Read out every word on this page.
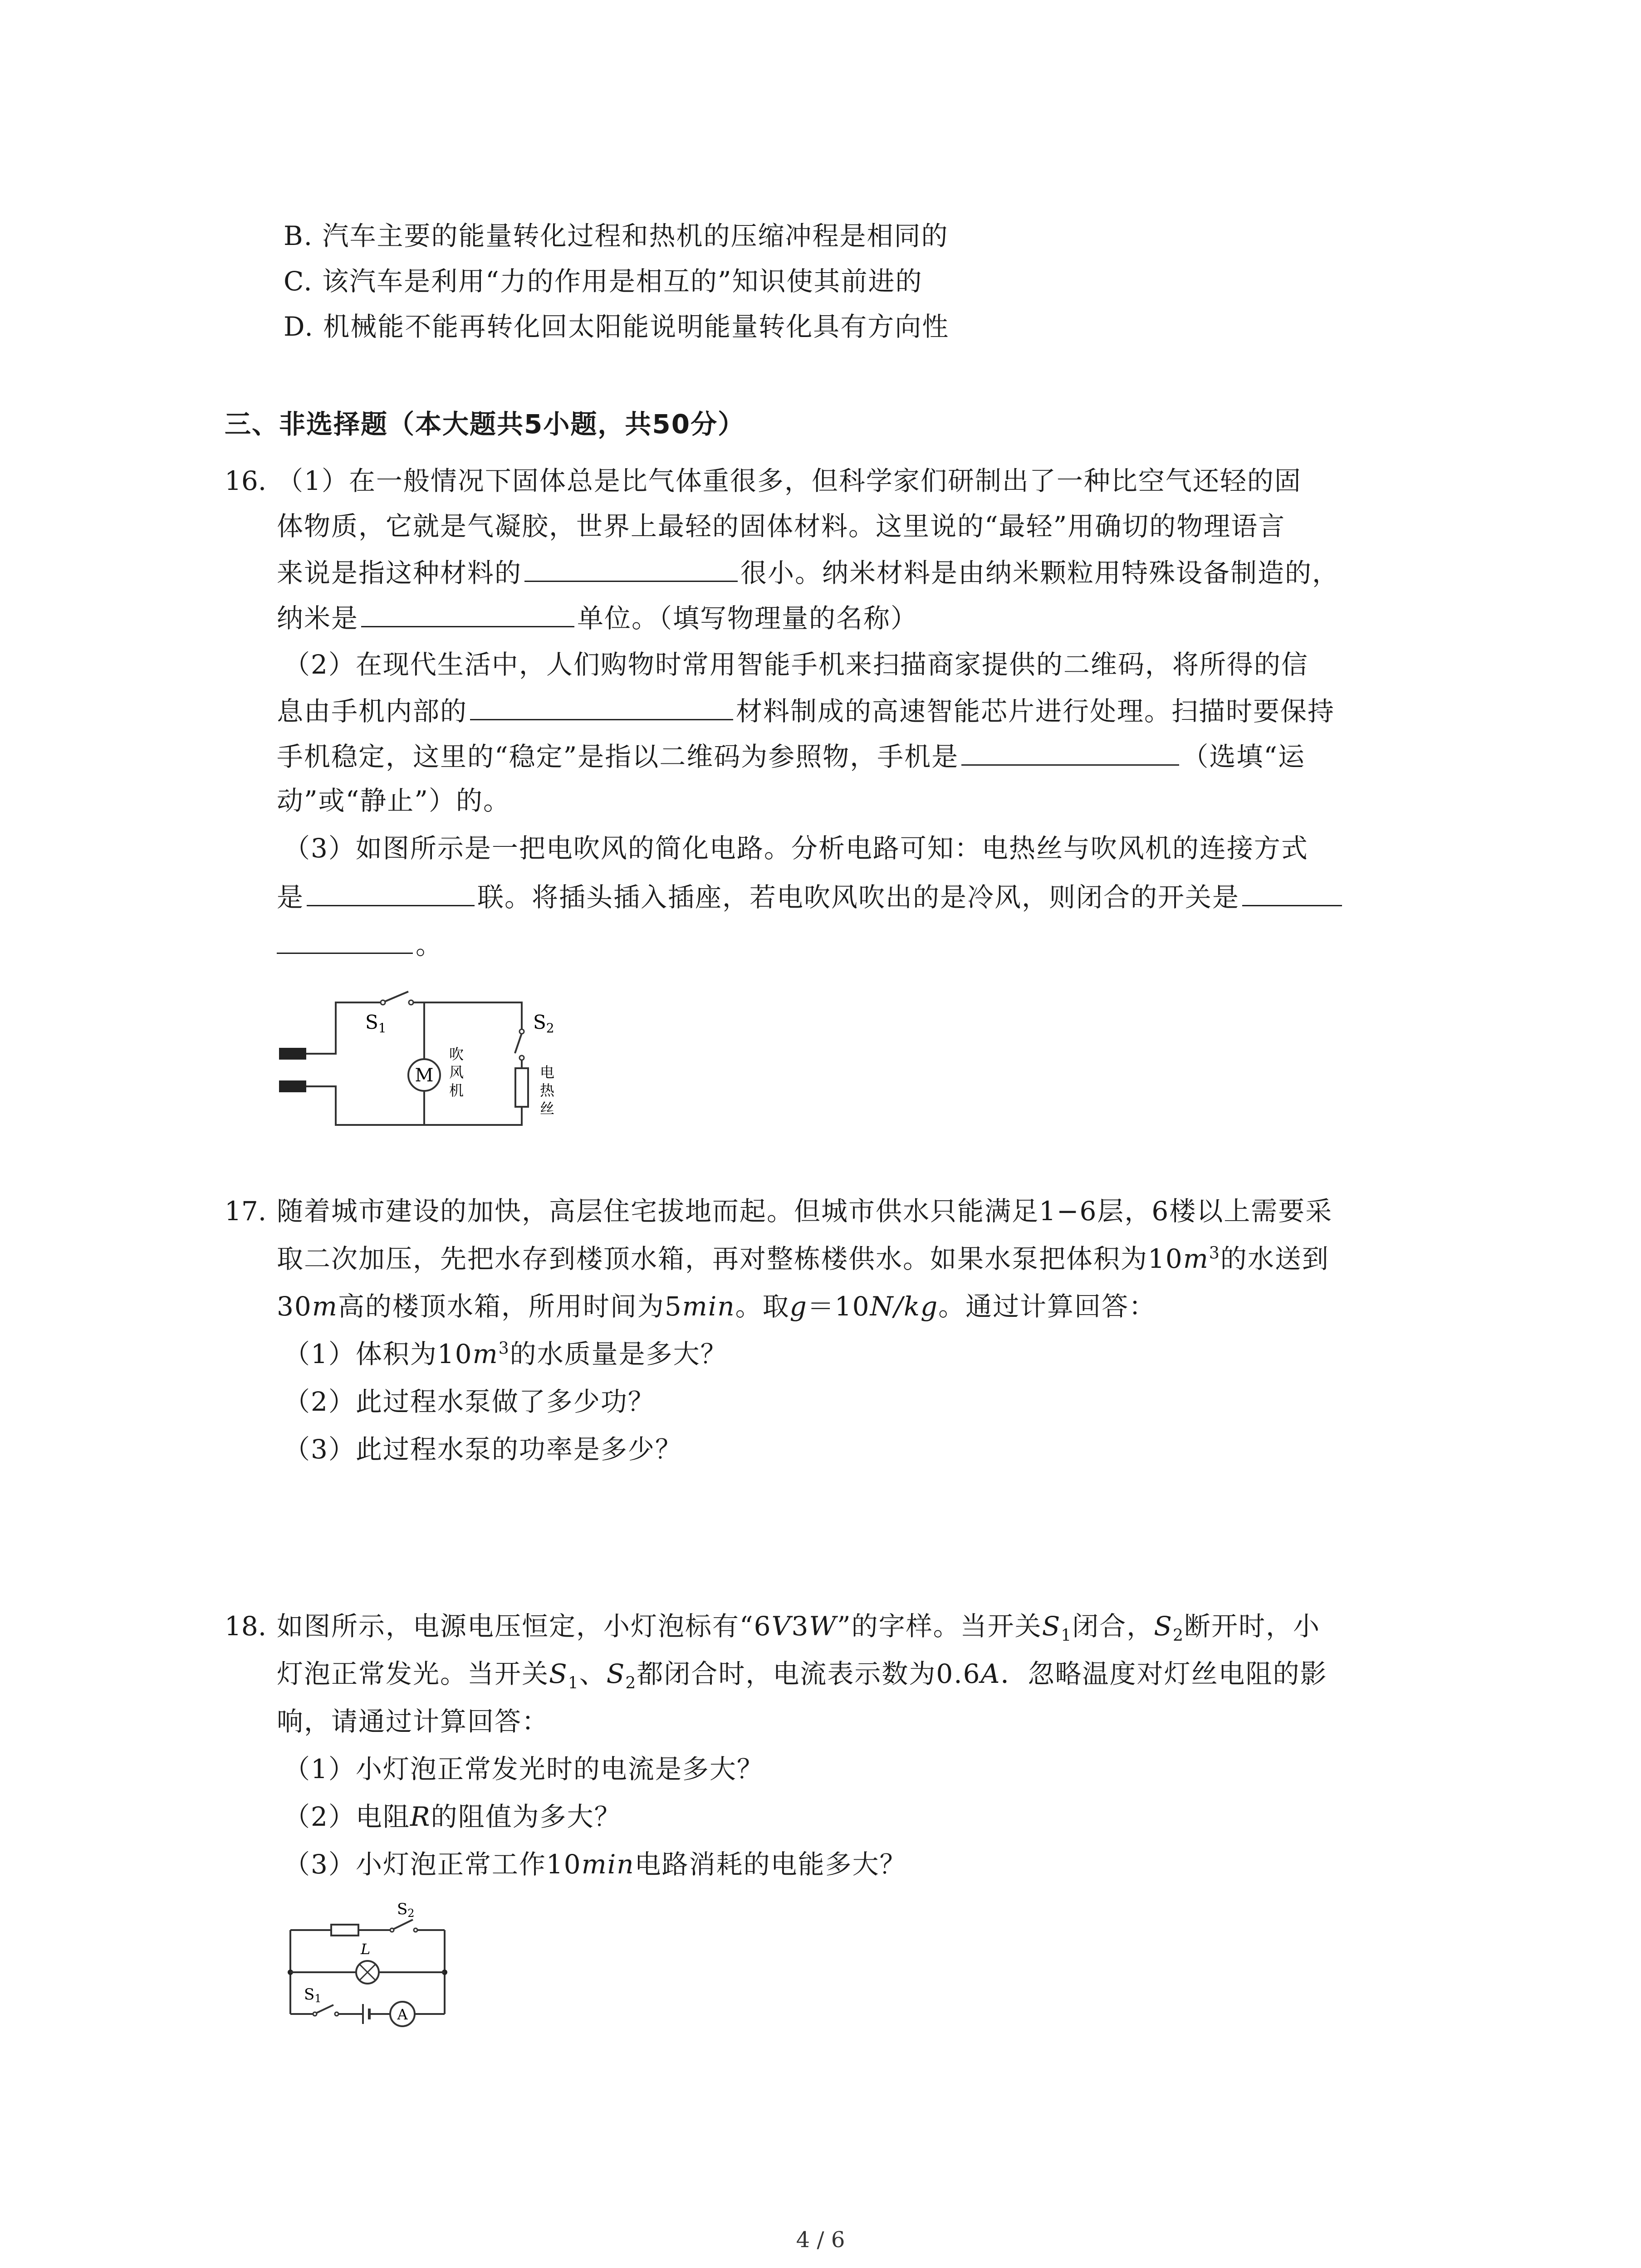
B. 汽车主要的能量转化过程和热机的压缩冲程是相同的
C. 该汽车是利用“力的作用是相互的”知识使其前进的
D. 机械能不能再转化回太阳能说明能量转化具有方向性
三、非选择题（本大题共5小题，共50分）
16. （1）在一般情况下固体总是比气体重很多，但科学家们研制出了一种比空气还轻的固
体物质，它就是气凝胶，世界上最轻的固体材料。这里说的“最轻”用确切的物理语言
来说是指这种材料的	很小。纳米材料是由纳米颗粒用特殊设备制造的，
纳米是	单位。（填写物理量的名称）
（2）在现代生活中，人们购物时常用智能手机来扫描商家提供的二维码，将所得的信
息由手机内部的	材料制成的高速智能芯片进行处理。扫描时要保持
手机稳定，这里的“稳定”是指以二维码为参照物，手机是	（选填“运
动”或“静止”）的。
（3）如图所示是一把电吹风的简化电路。分析电路可知：电热丝与吹风机的连接方式
是	联。将插头插入插座，若电吹风吹出的是冷风，则闭合的开关是
。
S1
M
吹
风
机
S2
电
热
丝
17. 随着城市建设的加快，高层住宅拔地而起。但城市供水只能满足1−6层，6楼以上需要采
取二次加压，先把水存到楼顶水箱，再对整栋楼供水。如果水泵把体积为$10m^3$的水送到
30m高的楼顶水箱，所用时间为5min。取g＝10N/kg。通过计算回答：
（1）体积为$10m^3$的水质量是多大？
（2）此过程水泵做了多少功？
（3）此过程水泵的功率是多少？
18. 如图所示，电源电压恒定，小灯泡标有“6V3W”的字样。当开关$S_1$闭合，$S_2$断开时，小
灯泡正常发光。当开关$S_1$、$S_2$都闭合时，电流表示数为0.6A．忽略温度对灯丝电阻的影
响，请通过计算回答：
（1）小灯泡正常发光时的电流是多大？
（2）电阻R的阻值为多大？
（3）小灯泡正常工作10min电路消耗的电能多大？
S2
L
S1
A
4 / 6
